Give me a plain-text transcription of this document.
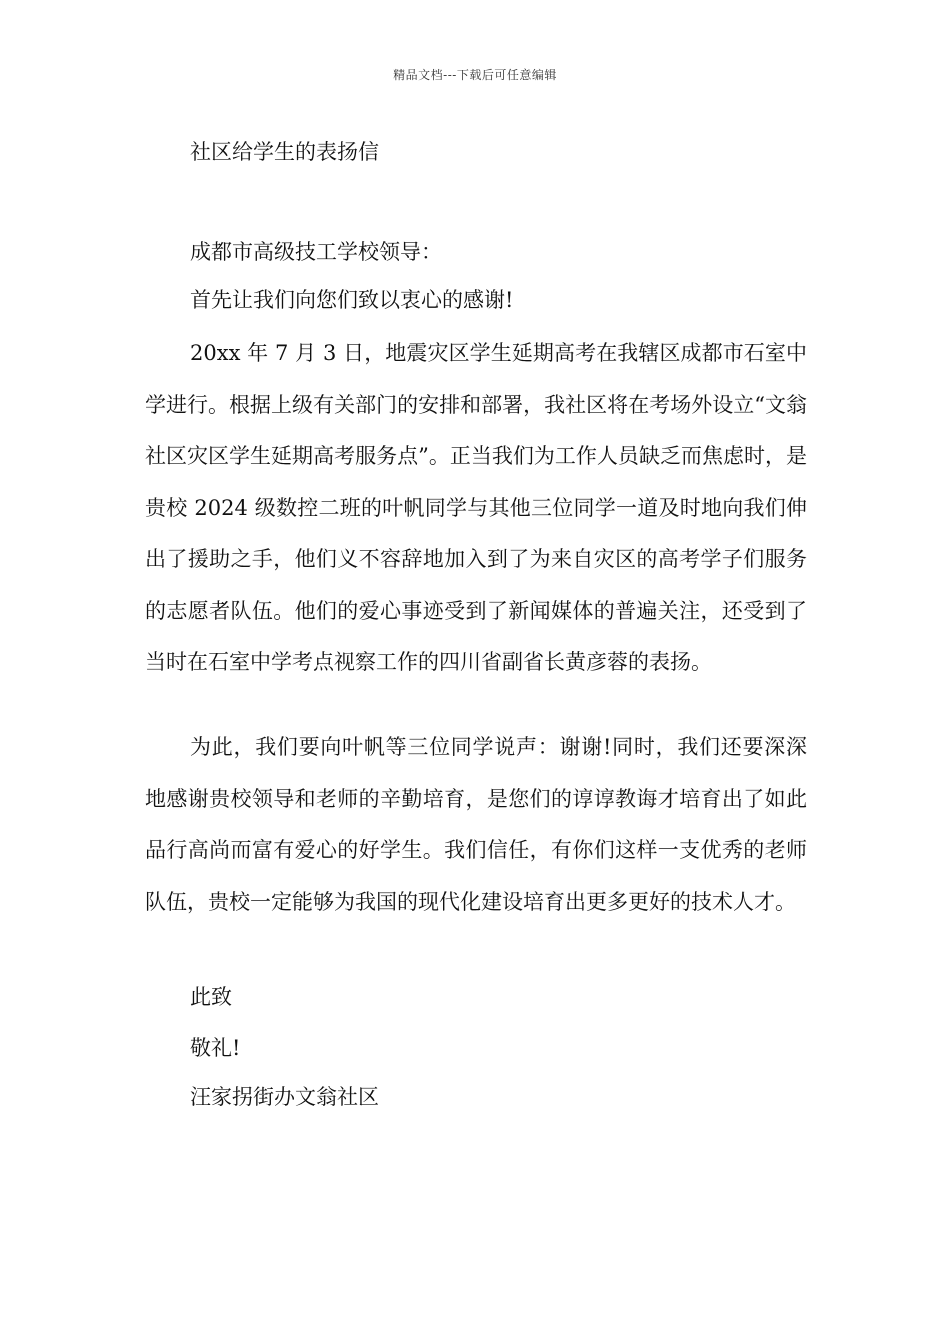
精品文档---下载后可任意编辑
社区给学生的表扬信
成都市高级技工学校领导：
首先让我们向您们致以衷心的感谢!

20xx 年 7 月 3 日，地震灾区学生延期高考在我辖区成都市石室中学进行。根据上级有关部门的安排和部署，我社区将在考场外设立“文翁社区灾区学生延期高考服务点”。正当我们为工作人员缺乏而焦虑时，是贵校 2024 级数控二班的叶帆同学与其他三位同学一道及时地向我们伸出了援助之手，他们义不容辞地加入到了为来自灾区的高考学子们服务的志愿者队伍。他们的爱心事迹受到了新闻媒体的普遍关注，还受到了当时在石室中学考点视察工作的四川省副省长黄彦蓉的表扬。

为此，我们要向叶帆等三位同学说声：谢谢!同时，我们还要深深地感谢贵校领导和老师的辛勤培育，是您们的谆谆教诲才培育出了如此品行高尚而富有爱心的好学生。我们信任，有你们这样一支优秀的老师队伍，贵校一定能够为我国的现代化建设培育出更多更好的技术人才。

此致
敬礼!
汪家拐街办文翁社区
